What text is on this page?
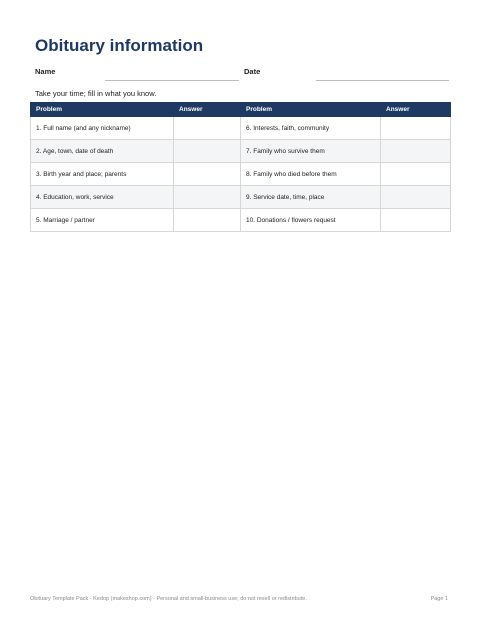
Obituary information
Name	Date
Take your time; fill in what you know.
Problem	Answer	Problem	Answer
1. Full name (and any nickname)		6. Interests, faith, community	
2. Age, town, date of death		7. Family who survive them	
3. Birth year and place; parents		8. Family who died before them	
4. Education, work, service		9. Service date, time, place	
5. Marriage / partner		10. Donations / flowers request	
Obituary Template Pack · Kedop (makeshop.com) · Personal and small-business use; do not resell or redistribute.	Page 1
